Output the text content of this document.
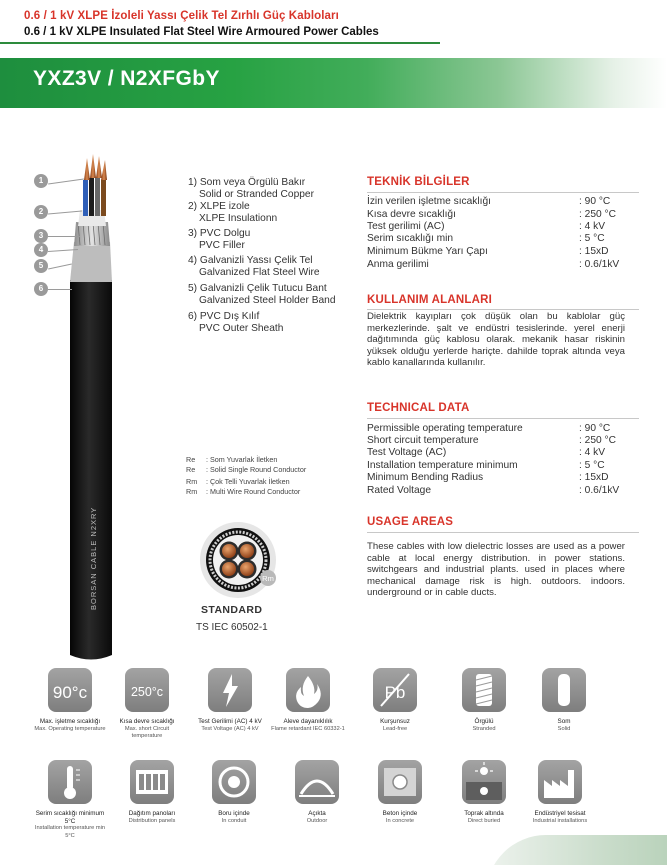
0.6 / 1 kV XLPE İzoleli Yassı Çelik Tel Zırhlı Güç Kabloları
0.6 / 1 kV XLPE Insulated Flat Steel Wire Armoured Power Cables
YXZ3V / N2XFGbY
BORSAN CABLE N2XRY
1
2
3
4
5
6
1) Som veya Örgülü Bakır
Solid or Stranded Copper
2) XLPE izole
XLPE Insulationn
3) PVC Dolgu
PVC Filler
4) Galvanizli Yassı Çelik Tel
Galvanized Flat Steel Wire
5) Galvanizli Çelik Tutucu Bant
Galvanized Steel Holder Band
6) PVC Dış Kılıf
PVC Outer Sheath
Re : Som Yuvarlak İletken
Re : Solid Single Round Conductor
Rm : Çok Telli Yuvarlak İletken
Rm : Multi Wire Round Conductor
Rm
STANDARD
TS IEC 60502-1
TEKNİK BİLGİLER
İzin verilen işletme sıcaklığı	: 90 °C
Kısa devre sıcaklığı	: 250 °C
Test gerilimi (AC)	: 4 kV
Serim sıcaklığı min	: 5 °C
Minimum Bükme Yarı Çapı	: 15xD
Anma gerilimi	: 0.6/1kV
KULLANIM ALANLARI
Dielektrik kayıpları çok düşük olan bu kablolar güç merkezlerinde. şalt ve endüstri tesislerinde. yerel enerji dağıtımında güç kablosu olarak. mekanik hasar riskinin yüksek olduğu yerlerde hariçte. dahilde toprak altında veya kablo kanallarında kullanılır.
TECHNICAL DATA
Permissible operating temperature	: 90 °C
Short circuit temperature	: 250 °C
Test Voltage (AC)	: 4 kV
Installation temperature minimum	: 5 °C
Minimum Bending Radius	: 15xD
Rated Voltage	: 0.6/1kV
USAGE AREAS
These cables with low dielectric losses are used as a power cable at local energy distribution. in power stations. switchgears and industrial plants. used in places where mechanical damage risk is high. outdoors. indoors. underground or in cable ducts.
90°c
Max. işletme sıcaklığı
Max. Operating temperature
250°c
Kısa devre sıcaklığı
Max. short Circuit temperature
Test Gerilimi (AC) 4 kV
Test Voltage (AC) 4 kV
Aleve dayanıklılık
Flame retardant IEC 60332-1
Pb
Kurşunsuz
Lead-free
Örgülü
Stranded
Som
Solid
Serim sıcaklığı minimum 5°C
Installation temperature min 5°C
Dağıtım panoları
Distribution panels
Boru içinde
In conduit
Açıkta
Outdoor
Beton içinde
In concrete
Toprak altında
Direct buried
Endüstriyel tesisat
Industrial installations
